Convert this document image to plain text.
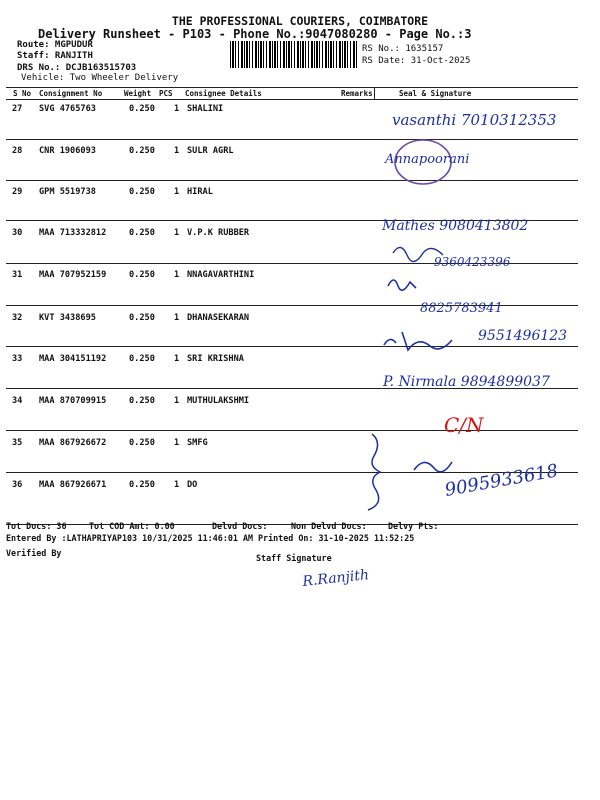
THE PROFESSIONAL COURIERS, COIMBATORE
Delivery Runsheet - P103 - Phone No.:9047080280 - Page No.:3
Route: MGPUDUR
Staff: RANJITH
DRS No.: DCJB163515703
Vehicle: Two Wheeler Delivery
RS No.: 1635157
RS Date: 31-Oct-2025
S No Consignment No	Weight PCS Consignee Details	Remarks	Seal & Signature
27 SVG 4765763	0.250 1 SHALINI
28 CNR 1906093	0.250 1 SULR AGRL
29 GPM 5519738	0.250 1 HIRAL
30 MAA 713332812	0.250 1 V.P.K RUBBER
31 MAA 707952159	0.250 1 NNAGAVARTHINI
32 KVT 3438695	0.250 1 DHANASEKARAN
33 MAA 304151192	0.250 1 SRI KRISHNA
34 MAA 870709915	0.250 1 MUTHULAKSHMI
35 MAA 867926672	0.250 1 SMFG
36 MAA 867926671	0.250 1 DO
vasanthi 7010312353
Annapoorani
Mathes 9080413802
9360423396
8825783941
9551496123
P. Nirmala 9894899037
C/N
9095933618
R.Ranjith
Tot Docs: 36	Tot COD Amt: 0.00	Delvd Docs:	Non Delvd Docs:	Delvy Pts:
Entered By :LATHAPRIYAP103 10/31/2025 11:46:01 AM Printed On: 31-10-2025 11:52:25
Verified By	Staff Signature
